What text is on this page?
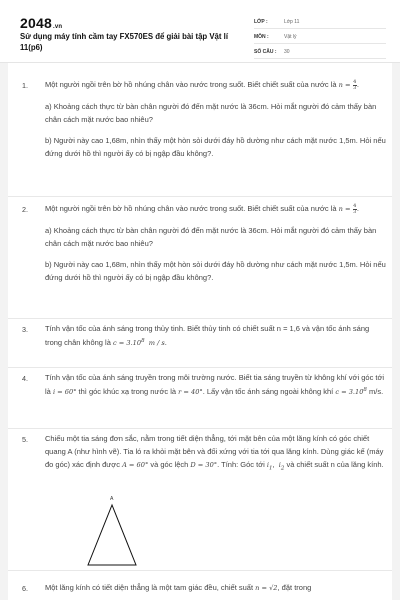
2048.vn
Sử dụng máy tính cầm tay FX570ES để giải bài tập Vật lí 11(p6)
LỚP :	Lớp 11
MÔN :	Vật lý
SỐ CÂU :	30
1. Một người ngồi trên bờ hồ nhúng chân vào nước trong suốt. Biết chiết suất của nước là $n = \frac{4}{3}$ .

a) Khoảng cách thực từ bàn chân người đó đến mặt nước là 36cm. Hỏi mắt người đó cảm thấy bàn chân cách mặt nước bao nhiêu?

b) Người này cao 1,68m, nhìn thấy một hòn sỏi dưới đáy hồ dường như cách mặt nước 1,5m. Hỏi nếu đứng dưới hồ thì người ấy có bị ngập đầu không?.

2. Một người ngồi trên bờ hồ nhúng chân vào nước trong suốt. Biết chiết suất của nước là $n = \frac{4}{3}$ .

a) Khoảng cách thực từ bàn chân người đó đến mặt nước là 36cm. Hỏi mắt người đó cảm thấy bàn chân cách mặt nước bao nhiêu?

b) Người này cao 1,68m, nhìn thấy một hòn sỏi dưới đáy hồ dường như cách mặt nước 1,5m. Hỏi nếu đứng dưới hồ thì người ấy có bị ngập đầu không?.

3. Tính vận tốc của ánh sáng trong thủy tinh. Biết thủy tinh có chiết suất n = 1,6 và vận tốc ánh sáng trong chân không là $c = 3.10^8$ m / s.

4. Tính vận tốc của ánh sáng truyền trong môi trường nước. Biết tia sáng truyền từ không khí với góc tới là i = 60° thì góc khúc xạ trong nước là r = 40°. Lấy vận tốc ánh sáng ngoài không khí $c = 3.10^8$ m/s.

5. Chiếu một tia sáng đơn sắc, nằm trong tiết diện thẳng, tới mặt bên của một lăng kính có góc chiết quang A (như hình vẽ). Tia ló ra khỏi mặt bên và đối xứng với tia tới qua lăng kính. Dùng giác kế (máy đo góc) xác định được A = 60° và góc lệch D = 30°. Tính: Góc tới $i_1$, $i_2$ và chiết suất n của lăng kính.

A
6. Một lăng kính có tiết diện thẳng là một tam giác đều, chiết suất n = √2, đặt trong
